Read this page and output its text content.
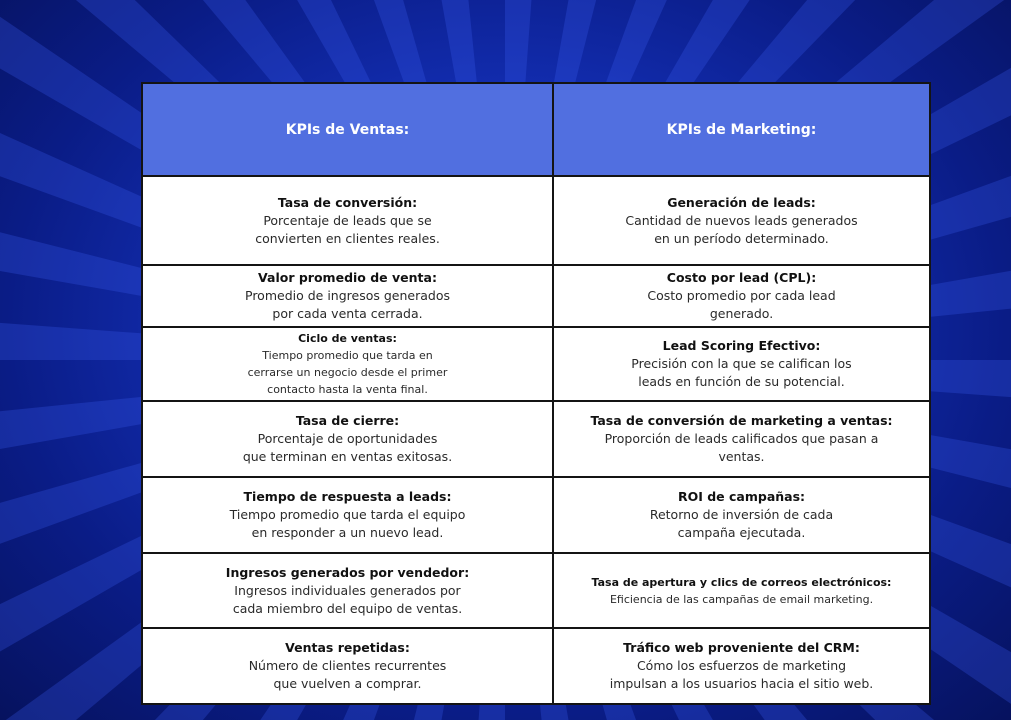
KPIs de Ventas:	KPIs de Marketing:

Tasa de conversión:
Porcentaje de leads que se
convierten en clientes reales.	Generación de leads:
Cantidad de nuevos leads generados
en un período determinado.

Valor promedio de venta:
Promedio de ingresos generados
por cada venta cerrada.	Costo por lead (CPL):
Costo promedio por cada lead
generado.

Ciclo de ventas:
Tiempo promedio que tarda en
cerrarse un negocio desde el primer
contacto hasta la venta final.	Lead Scoring Efectivo:
Precisión con la que se califican los
leads en función de su potencial.

Tasa de cierre:
Porcentaje de oportunidades
que terminan en ventas exitosas.	Tasa de conversión de marketing a ventas:
Proporción de leads calificados que pasan a
ventas.

Tiempo de respuesta a leads:
Tiempo promedio que tarda el equipo
en responder a un nuevo lead.	ROI de campañas:
Retorno de inversión de cada
campaña ejecutada.

Ingresos generados por vendedor:
Ingresos individuales generados por
cada miembro del equipo de ventas.	Tasa de apertura y clics de correos electrónicos:
Eficiencia de las campañas de email marketing.

Ventas repetidas:
Número de clientes recurrentes
que vuelven a comprar.	Tráfico web proveniente del CRM:
Cómo los esfuerzos de marketing
impulsan a los usuarios hacia el sitio web.
